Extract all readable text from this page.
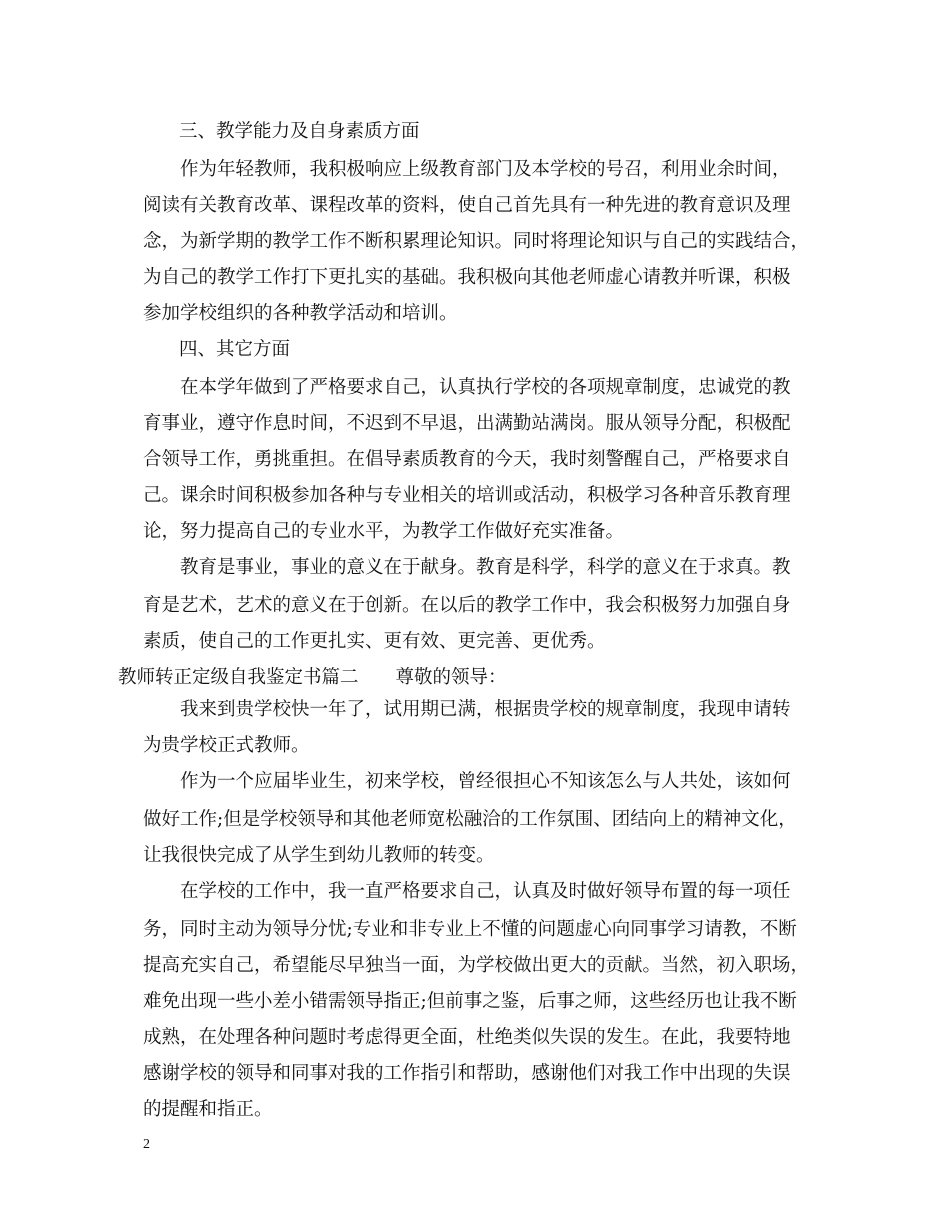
三、教学能力及自身素质方面
作为年轻教师，我积极响应上级教育部门及本学校的号召，利用业余时间，
阅读有关教育改革、课程改革的资料，使自己首先具有一种先进的教育意识及理
念，为新学期的教学工作不断积累理论知识。同时将理论知识与自己的实践结合，
为自己的教学工作打下更扎实的基础。我积极向其他老师虚心请教并听课，积极
参加学校组织的各种教学活动和培训。
四、其它方面
在本学年做到了严格要求自己，认真执行学校的各项规章制度，忠诚党的教
育事业，遵守作息时间，不迟到不早退，出满勤站满岗。服从领导分配，积极配
合领导工作，勇挑重担。在倡导素质教育的今天，我时刻警醒自己，严格要求自
己。课余时间积极参加各种与专业相关的培训或活动，积极学习各种音乐教育理
论，努力提高自己的专业水平，为教学工作做好充实准备。
教育是事业，事业的意义在于献身。教育是科学，科学的意义在于求真。教
育是艺术，艺术的意义在于创新。在以后的教学工作中，我会积极努力加强自身
素质，使自己的工作更扎实、更有效、更完善、更优秀。
教师转正定级自我鉴定书篇二　　尊敬的领导：
我来到贵学校快一年了，试用期已满，根据贵学校的规章制度，我现申请转
为贵学校正式教师。
作为一个应届毕业生，初来学校，曾经很担心不知该怎么与人共处，该如何
做好工作;但是学校领导和其他老师宽松融洽的工作氛围、团结向上的精神文化，
让我很快完成了从学生到幼儿教师的转变。
在学校的工作中，我一直严格要求自己，认真及时做好领导布置的每一项任
务，同时主动为领导分忧;专业和非专业上不懂的问题虚心向同事学习请教，不断
提高充实自己，希望能尽早独当一面，为学校做出更大的贡献。当然，初入职场，
难免出现一些小差小错需领导指正;但前事之鉴，后事之师，这些经历也让我不断
成熟，在处理各种问题时考虑得更全面，杜绝类似失误的发生。在此，我要特地
感谢学校的领导和同事对我的工作指引和帮助，感谢他们对我工作中出现的失误
的提醒和指正。
2
